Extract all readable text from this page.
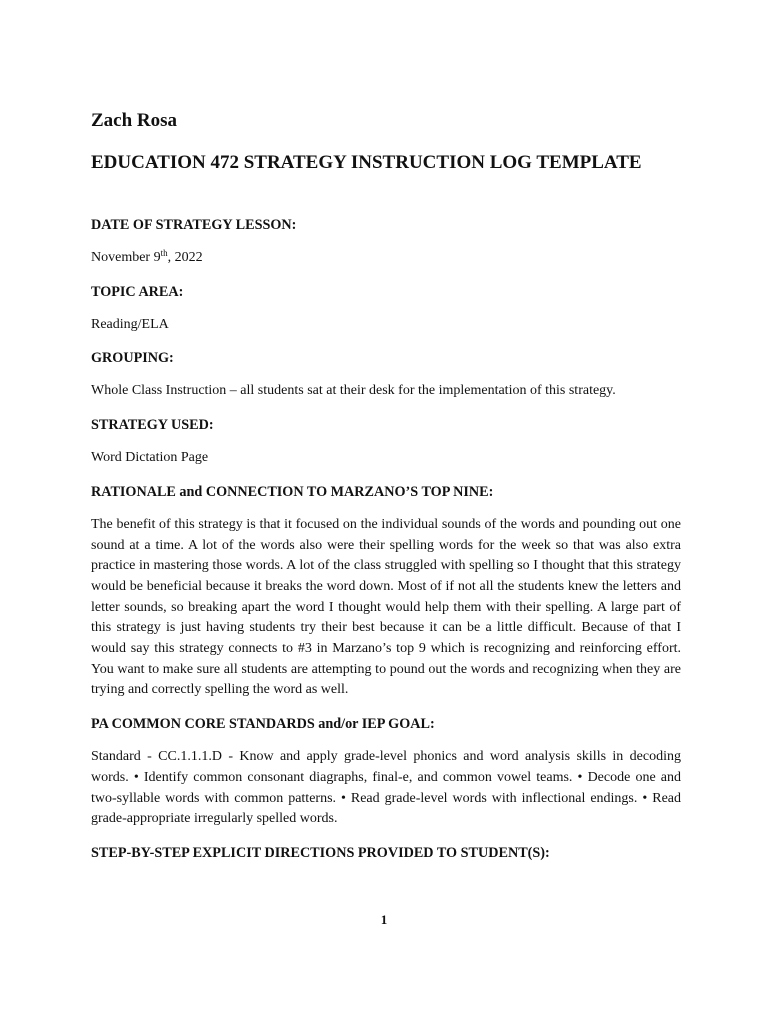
Zach Rosa
EDUCATION 472 STRATEGY INSTRUCTION LOG TEMPLATE

DATE OF STRATEGY LESSON:

November 9th, 2022

TOPIC AREA:

Reading/ELA

GROUPING:

Whole Class Instruction – all students sat at their desk for the implementation of this strategy.

STRATEGY USED:

Word Dictation Page

RATIONALE and CONNECTION TO MARZANO’S TOP NINE:

The benefit of this strategy is that it focused on the individual sounds of the words and pounding out one sound at a time. A lot of the words also were their spelling words for the week so that was also extra practice in mastering those words. A lot of the class struggled with spelling so I thought that this strategy would be beneficial because it breaks the word down. Most of if not all the students knew the letters and letter sounds, so breaking apart the word I thought would help them with their spelling. A large part of this strategy is just having students try their best because it can be a little difficult. Because of that I would say this strategy connects to #3 in Marzano’s top 9 which is recognizing and reinforcing effort. You want to make sure all students are attempting to pound out the words and recognizing when they are trying and correctly spelling the word as well.

PA COMMON CORE STANDARDS and/or IEP GOAL:

Standard - CC.1.1.1.D - Know and apply grade-level phonics and word analysis skills in decoding words. • Identify common consonant diagraphs, final-e, and common vowel teams. • Decode one and two-syllable words with common patterns. • Read grade-level words with inflectional endings. • Read grade-appropriate irregularly spelled words.

STEP-BY-STEP EXPLICIT DIRECTIONS PROVIDED TO STUDENT(S):

1
